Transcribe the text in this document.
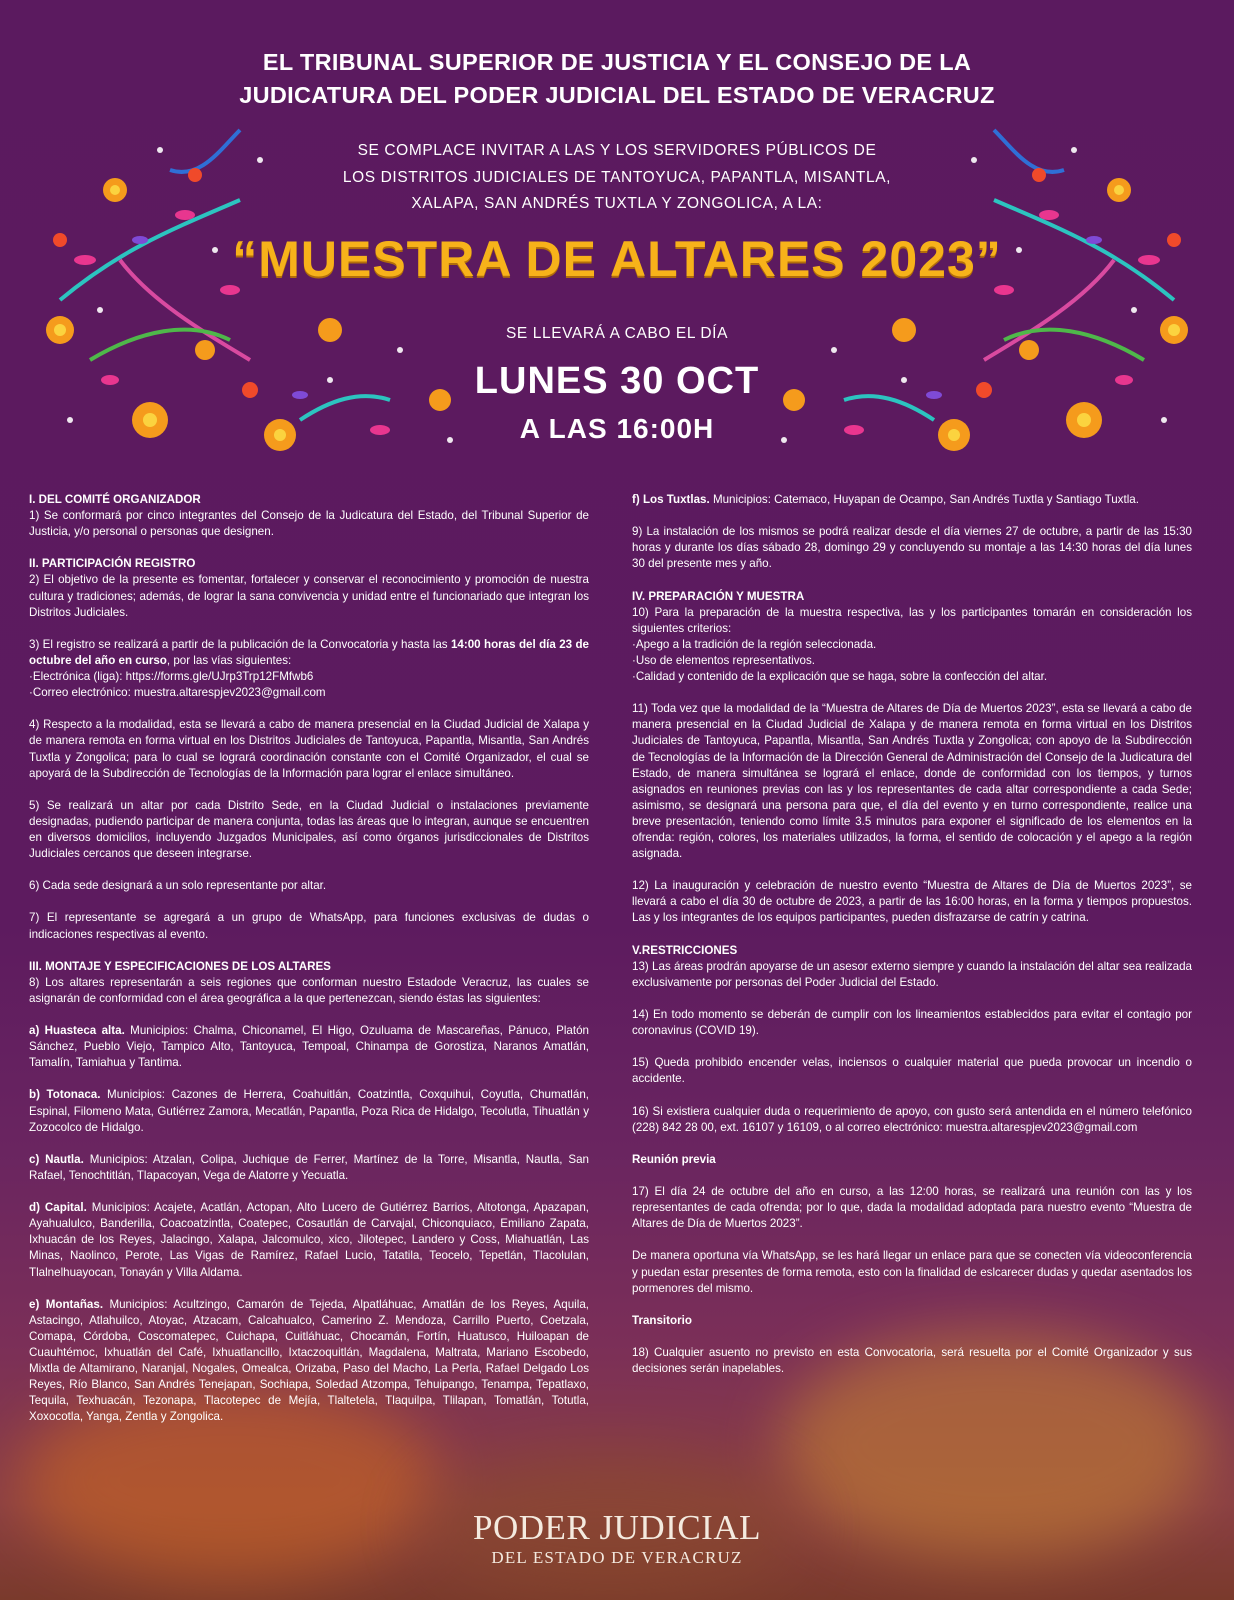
EL TRIBUNAL SUPERIOR DE JUSTICIA Y EL CONSEJO DE LA
JUDICATURA DEL PODER JUDICIAL DEL ESTADO DE VERACRUZ
SE COMPLACE INVITAR A LAS Y LOS SERVIDORES PÚBLICOS DE
LOS DISTRITOS JUDICIALES DE TANTOYUCA, PAPANTLA, MISANTLA,
XALAPA, SAN ANDRÉS TUXTLA Y ZONGOLICA, A LA:
“MUESTRA DE ALTARES 2023”
SE LLEVARÁ A CABO EL DÍA
LUNES 30 OCT
A LAS 16:00H

I. DEL COMITÉ ORGANIZADOR

1) Se conformará por cinco integrantes del Consejo de la Judicatura del Estado, del Tribunal Superior de Justicia, y/o personal o personas que designen.

II. PARTICIPACIÓN REGISTRO

2) El objetivo de la presente es fomentar, fortalecer y conservar el reconocimiento y promoción de nuestra cultura y tradiciones; además, de lograr la sana convivencia y unidad entre el funcionariado que integran los Distritos Judiciales.

3) El registro se realizará a partir de la publicación de la Convocatoria y hasta las 14:00 horas del día 23 de octubre del año en curso, por las vías siguientes:

·Electrónica (liga): https://forms.gle/UJrp3Trp12FMfwb6

·Correo electrónico: muestra.altarespjev2023@gmail.com

4) Respecto a la modalidad, esta se llevará a cabo de manera presencial en la Ciudad Judicial de Xalapa y de manera remota en forma virtual en los Distritos Judiciales de Tantoyuca, Papantla, Misantla, San Andrés Tuxtla y Zongolica; para lo cual se logrará coordinación constante con el Comité Organizador, el cual se apoyará de la Subdirección de Tecnologías de la Información para lograr el enlace simultáneo.

5) Se realizará un altar por cada Distrito Sede, en la Ciudad Judicial o instalaciones previamente designadas, pudiendo participar de manera conjunta, todas las áreas que lo integran, aunque se encuentren en diversos domicilios, incluyendo Juzgados Municipales, así como órganos jurisdiccionales de Distritos Judiciales cercanos que deseen integrarse.

6) Cada sede designará a un solo representante por altar.

7) El representante se agregará a un grupo de WhatsApp, para funciones exclusivas de dudas o indicaciones respectivas al evento.

III. MONTAJE Y ESPECIFICACIONES DE LOS ALTARES

8) Los altares representarán a seis regiones que conforman nuestro Estadode Veracruz, las cuales se asignarán de conformidad con el área geográfica a la que pertenezcan, siendo éstas las siguientes:

a) Huasteca alta. Municipios: Chalma, Chiconamel, El Higo, Ozuluama de Mascareñas, Pánuco, Platón Sánchez, Pueblo Viejo, Tampico Alto, Tantoyuca, Tempoal, Chinampa de Gorostiza, Naranos Amatlán, Tamalín, Tamiahua y Tantima.

b) Totonaca. Municipios: Cazones de Herrera, Coahuitlán, Coatzintla, Coxquihui, Coyutla, Chumatlán, Espinal, Filomeno Mata, Gutiérrez Zamora, Mecatlán, Papantla, Poza Rica de Hidalgo, Tecolutla, Tihuatlán y Zozocolco de Hidalgo.

c) Nautla. Municipios: Atzalan, Colipa, Juchique de Ferrer, Martínez de la Torre, Misantla, Nautla, San Rafael, Tenochtitlán, Tlapacoyan, Vega de Alatorre y Yecuatla.

d) Capital. Municipios: Acajete, Acatlán, Actopan, Alto Lucero de Gutiérrez Barrios, Altotonga, Apazapan, Ayahualulco, Banderilla, Coacoatzintla, Coatepec, Cosautlán de Carvajal, Chiconquiaco, Emiliano Zapata, Ixhuacán de los Reyes, Jalacingo, Xalapa, Jalcomulco, xico, Jilotepec, Landero y Coss, Miahuatlán, Las Minas, Naolinco, Perote, Las Vigas de Ramírez, Rafael Lucio, Tatatila, Teocelo, Tepetlán, Tlacolulan, Tlalnelhuayocan, Tonayán y Villa Aldama.

e) Montañas. Municipios: Acultzingo, Camarón de Tejeda, Alpatláhuac, Amatlán de los Reyes, Aquila, Astacingo, Atlahuilco, Atoyac, Atzacam, Calcahualco, Camerino Z. Mendoza, Carrillo Puerto, Coetzala, Comapa, Córdoba, Coscomatepec, Cuichapa, Cuitláhuac, Chocamán, Fortín, Huatusco, Huiloapan de Cuauhtémoc, Ixhuatlán del Café, Ixhuatlancillo, Ixtaczoquitlán, Magdalena, Maltrata, Mariano Escobedo, Mixtla de Altamirano, Naranjal, Nogales, Omealca, Orizaba, Paso del Macho, La Perla, Rafael Delgado Los Reyes, Río Blanco, San Andrés Tenejapan, Sochiapa, Soledad Atzompa, Tehuipango, Tenampa, Tepatlaxo, Tequila, Texhuacán, Tezonapa, Tlacotepec de Mejía, Tlaltetela, Tlaquilpa, Tlilapan, Tomatlán, Totutla, Xoxocotla, Yanga, Zentla y Zongolica.

f) Los Tuxtlas. Municipios: Catemaco, Huyapan de Ocampo, San Andrés Tuxtla y Santiago Tuxtla.

9) La instalación de los mismos se podrá realizar desde el día viernes 27 de octubre, a partir de las 15:30 horas y durante los días sábado 28, domingo 29 y concluyendo su montaje a las 14:30 horas del día lunes 30 del presente mes y año.

IV. PREPARACIÓN Y MUESTRA

10) Para la preparación de la muestra respectiva, las y los participantes tomarán en consideración los siguientes criterios:

·Apego a la tradición de la región seleccionada.

·Uso de elementos representativos.

·Calidad y contenido de la explicación que se haga, sobre la confección del altar.

11) Toda vez que la modalidad de la “Muestra de Altares de Día de Muertos 2023”, esta se llevará a cabo de manera presencial en la Ciudad Judicial de Xalapa y de manera remota en forma virtual en los Distritos Judiciales de Tantoyuca, Papantla, Misantla, San Andrés Tuxtla y Zongolica; con apoyo de la Subdirección de Tecnologías de la Información de la Dirección General de Administración del Consejo de la Judicatura del Estado, de manera simultánea se logrará el enlace, donde de conformidad con los tiempos, y turnos asignados en reuniones previas con las y los representantes de cada altar correspondiente a cada Sede; asimismo, se designará una persona para que, el día del evento y en turno correspondiente, realice una breve presentación, teniendo como límite 3.5 minutos para exponer el significado de los elementos en la ofrenda: región, colores, los materiales utilizados, la forma, el sentido de colocación y el apego a la región asignada.

12) La inauguración y celebración de nuestro evento “Muestra de Altares de Día de Muertos 2023”, se llevará a cabo el día 30 de octubre de 2023, a partir de las 16:00 horas, en la forma y tiempos propuestos. Las y los integrantes de los equipos participantes, pueden disfrazarse de catrín y catrina.

V.RESTRICCIONES

13) Las áreas prodrán apoyarse de un asesor externo siempre y cuando la instalación del altar sea realizada exclusivamente por personas del Poder Judicial del Estado.

14) En todo momento se deberán de cumplir con los lineamientos establecidos para evitar el contagio por coronavirus (COVID 19).

15) Queda prohibido encender velas, inciensos o cualquier material que pueda provocar un incendio o accidente.

16) Si existiera cualquier duda o requerimiento de apoyo, con gusto será antendida en el número telefónico (228) 842 28 00, ext. 16107 y 16109, o al correo electrónico: muestra.altarespjev2023@gmail.com

Reunión previa

17) El día 24 de octubre del año en curso, a las 12:00 horas, se realizará una reunión con las y los representantes de cada ofrenda; por lo que, dada la modalidad adoptada para nuestro evento “Muestra de Altares de Día de Muertos 2023”.

De manera oportuna vía WhatsApp, se les hará llegar un enlace para que se conecten vía videoconferencia y puedan estar presentes de forma remota, esto con la finalidad de eslcarecer dudas y quedar asentados los pormenores del mismo.

Transitorio

18) Cualquier asuento no previsto en esta Convocatoria, será resuelta por el Comité Organizador y sus decisiones serán inapelables.

PODER JUDICIAL
DEL ESTADO DE VERACRUZ
